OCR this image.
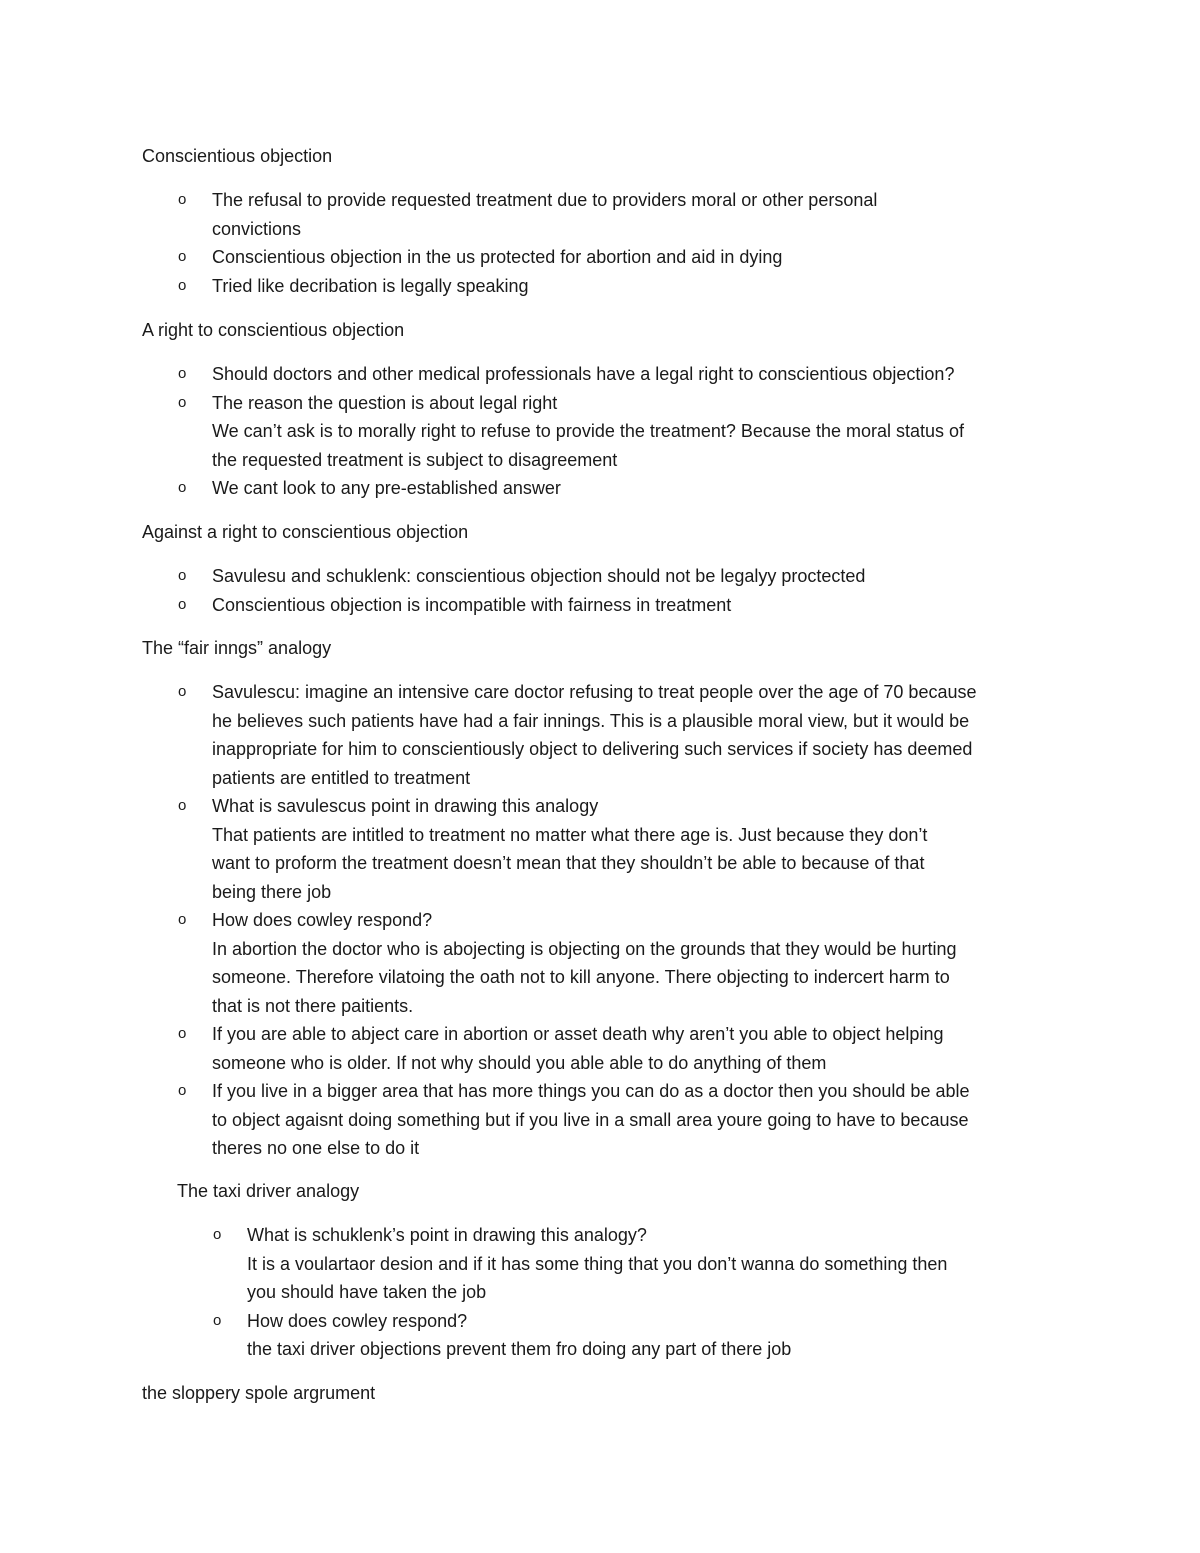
Conscientious objection
o The refusal to provide requested treatment due to providers moral or other personal
convictions
o Conscientious objection in the us protected for abortion and aid in dying
o Tried like decribation is legally speaking
A right to conscientious objection
o Should doctors and other medical professionals have a legal right to conscientious objection?
o The reason the question is about legal right
We can’t ask is to morally right to refuse to provide the treatment? Because the moral status of
the requested treatment is subject to disagreement
o We cant look to any pre-established answer
Against a right to conscientious objection
o Savulesu and schuklenk: conscientious objection should not be legalyy proctected
o Conscientious objection is incompatible with fairness in treatment
The “fair inngs” analogy
o Savulescu: imagine an intensive care doctor refusing to treat people over the age of 70 because
he believes such patients have had a fair innings. This is a plausible moral view, but it would be
inappropriate for him to conscientiously object to delivering such services if society has deemed
patients are entitled to treatment
o What is savulescus point in drawing this analogy
That patients are intitled to treatment no matter what there age is. Just because they don’t
want to proform the treatment doesn’t mean that they shouldn’t be able to because of that
being there job
o How does cowley respond?
In abortion the doctor who is abojecting is objecting on the grounds that they would be hurting
someone. Therefore vilatoing the oath not to kill anyone. There objecting to indercert harm to
that is not there paitients.
o If you are able to abject care in abortion or asset death why aren’t you able to object helping
someone who is older. If not why should you able able to do anything of them
o If you live in a bigger area that has more things you can do as a doctor then you should be able
to object agaisnt doing something but if you live in a small area youre going to have to because
theres no one else to do it
The taxi driver analogy
o What is schuklenk’s point in drawing this analogy?
It is a voulartaor desion and if it has some thing that you don’t wanna do something then
you should have taken the job
o How does cowley respond?
the taxi driver objections prevent them fro doing any part of there job
the sloppery spole argrument
